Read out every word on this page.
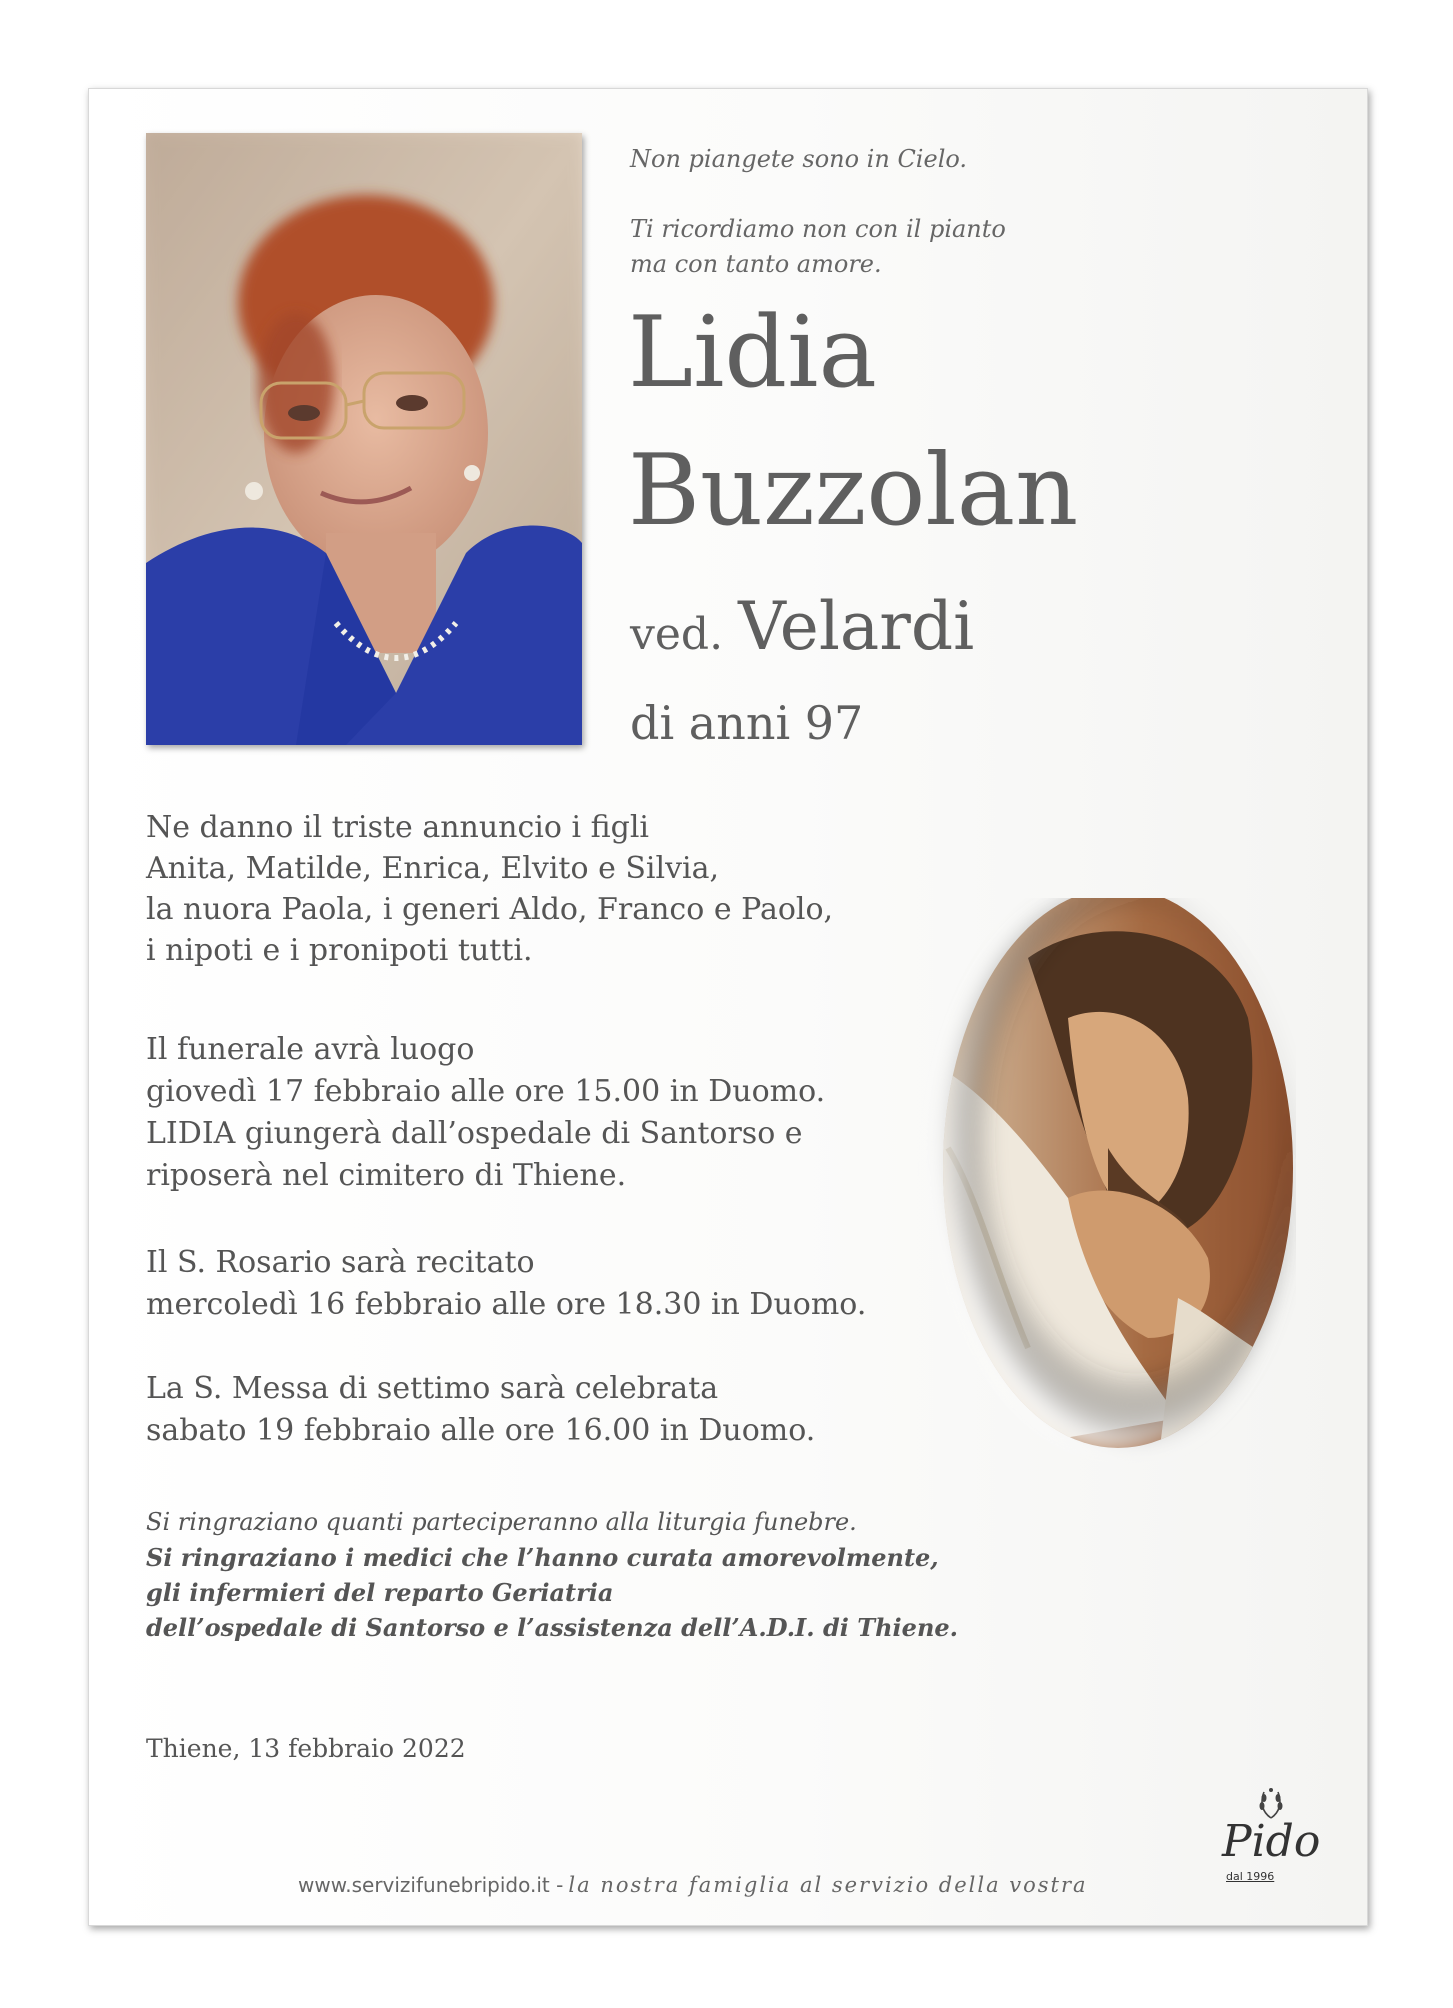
Non piangete sono in Cielo.
Ti ricordiamo non con il pianto
ma con tanto amore.
Lidia
Buzzolan
ved. Velardi
di anni 97
Ne danno il triste annuncio i figli
Anita, Matilde, Enrica, Elvito e Silvia,
la nuora Paola, i generi Aldo, Franco e Paolo,
i nipoti e i pronipoti tutti.
Il funerale avrà luogo
giovedì 17 febbraio alle ore 15.00 in Duomo.
LIDIA giungerà dall’ospedale di Santorso e
riposerà nel cimitero di Thiene.
Il S. Rosario sarà recitato
mercoledì 16 febbraio alle ore 18.30 in Duomo.
La S. Messa di settimo sarà celebrata
sabato 19 febbraio alle ore 16.00 in Duomo.
Si ringraziano quanti parteciperanno alla liturgia funebre.
Si ringraziano i medici che l’hanno curata amorevolmente,
gli infermieri del reparto Geriatria
dell’ospedale di Santorso e l’assistenza dell’A.D.I. di Thiene.
Thiene, 13 febbraio 2022
Pido
dal 1996
www.servizifunebripido.it - la nostra famiglia al servizio della vostra
